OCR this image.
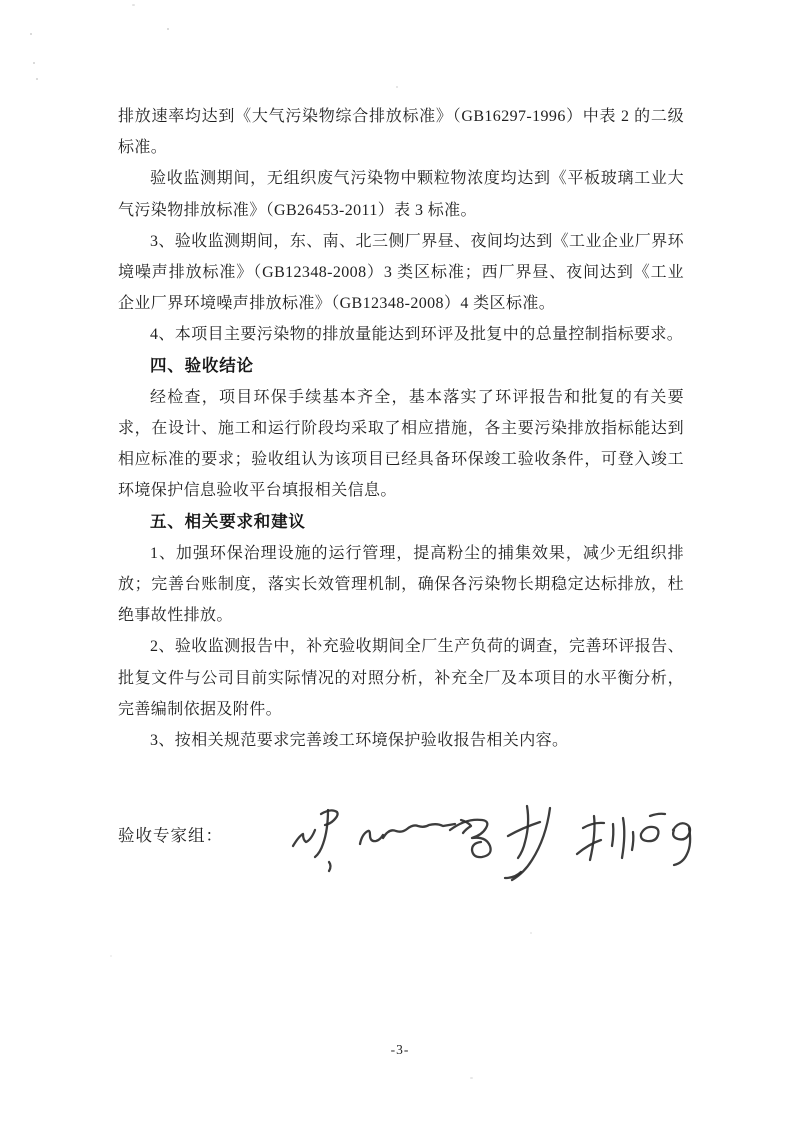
排放速率均达到《大气污染物综合排放标准》（GB16297-1996）中表 2 的二级标准。

验收监测期间，无组织废气污染物中颗粒物浓度均达到《平板玻璃工业大气污染物排放标准》（GB26453-2011）表 3 标准。

3、验收监测期间，东、南、北三侧厂界昼、夜间均达到《工业企业厂界环境噪声排放标准》（GB12348-2008）3 类区标准；西厂界昼、夜间达到《工业企业厂界环境噪声排放标准》（GB12348-2008）4 类区标准。

4、本项目主要污染物的排放量能达到环评及批复中的总量控制指标要求。

四、验收结论

经检查，项目环保手续基本齐全，基本落实了环评报告和批复的有关要求，在设计、施工和运行阶段均采取了相应措施，各主要污染排放指标能达到相应标准的要求；验收组认为该项目已经具备环保竣工验收条件，可登入竣工环境保护信息验收平台填报相关信息。

五、相关要求和建议

1、加强环保治理设施的运行管理，提高粉尘的捕集效果，减少无组织排放；完善台账制度，落实长效管理机制，确保各污染物长期稳定达标排放，杜绝事故性排放。

2、验收监测报告中，补充验收期间全厂生产负荷的调查，完善环评报告、批复文件与公司目前实际情况的对照分析，补充全厂及本项目的水平衡分析，完善编制依据及附件。

3、按相关规范要求完善竣工环境保护验收报告相关内容。

验收专家组：
-3-
